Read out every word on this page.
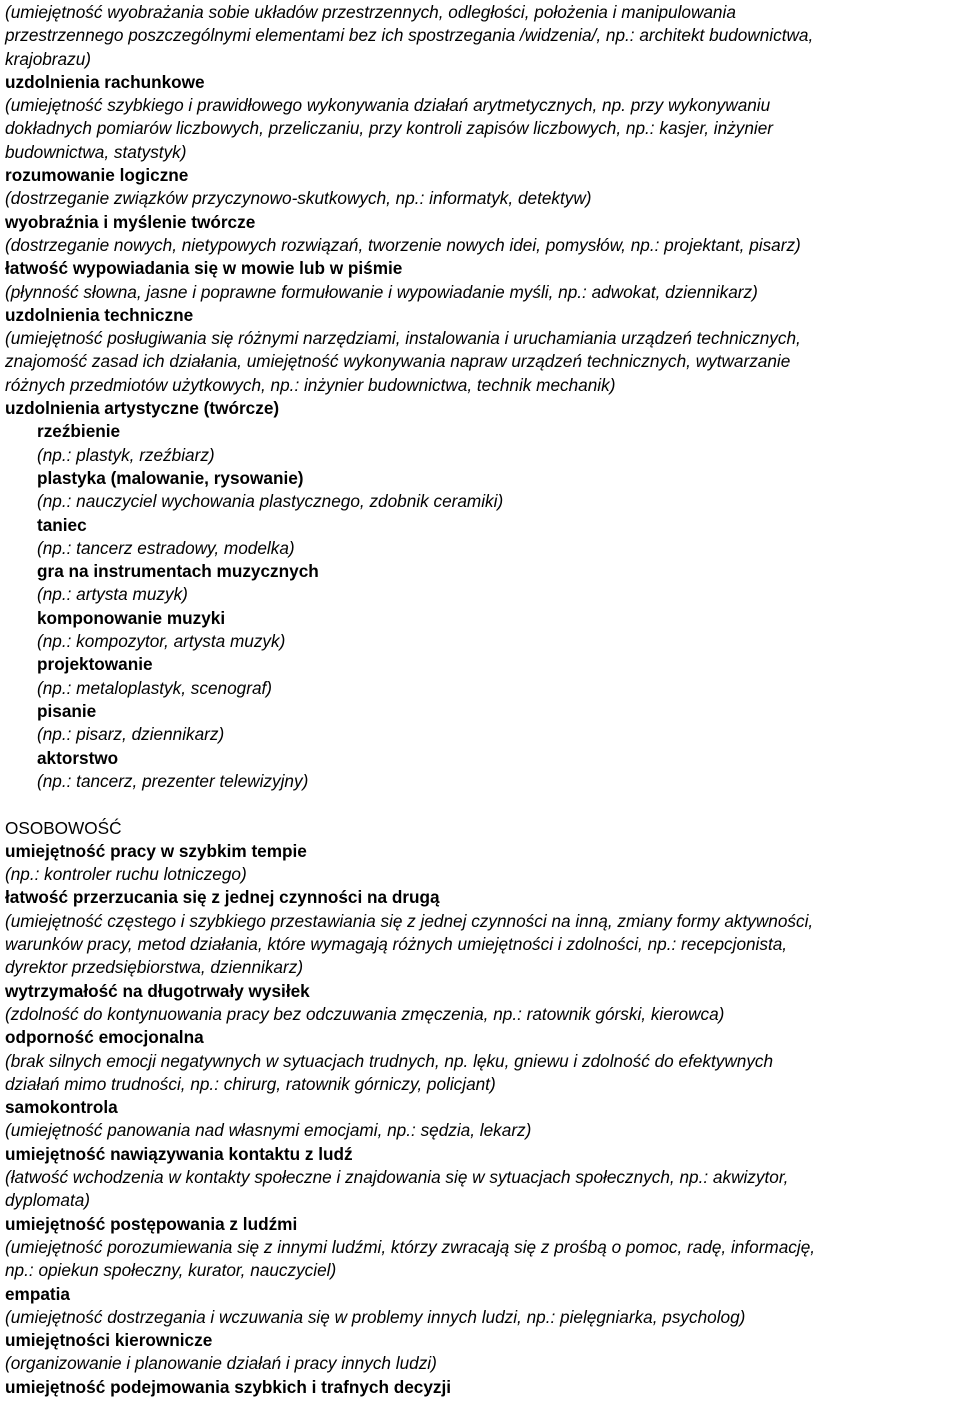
(umiejętność wyobrażania sobie układów przestrzennych, odległości, położenia i manipulowania
przestrzennego poszczególnymi elementami bez ich spostrzegania /widzenia/, np.: architekt budownictwa,
krajobrazu)
uzdolnienia rachunkowe
(umiejętność szybkiego i prawidłowego wykonywania działań arytmetycznych, np. przy wykonywaniu
dokładnych pomiarów liczbowych, przeliczaniu, przy kontroli zapisów liczbowych, np.: kasjer, inżynier
budownictwa, statystyk)
rozumowanie logiczne
(dostrzeganie związków przyczynowo-skutkowych, np.: informatyk, detektyw)
wyobraźnia i myślenie twórcze
(dostrzeganie nowych, nietypowych rozwiązań, tworzenie nowych idei, pomysłów, np.: projektant, pisarz)
łatwość wypowiadania się w mowie lub w piśmie
(płynność słowna, jasne i poprawne formułowanie i wypowiadanie myśli, np.: adwokat, dziennikarz)
uzdolnienia techniczne
(umiejętność posługiwania się różnymi narzędziami, instalowania i uruchamiania urządzeń technicznych,
znajomość zasad ich działania, umiejętność wykonywania napraw urządzeń technicznych, wytwarzanie
różnych przedmiotów użytkowych, np.: inżynier budownictwa, technik mechanik)
uzdolnienia artystyczne (twórcze)
rzeźbienie
(np.: plastyk, rzeźbiarz)
plastyka (malowanie, rysowanie)
(np.: nauczyciel wychowania plastycznego, zdobnik ceramiki)
taniec
(np.: tancerz estradowy, modelka)
gra na instrumentach muzycznych
(np.: artysta muzyk)
komponowanie muzyki
(np.: kompozytor, artysta muzyk)
projektowanie
(np.: metaloplastyk, scenograf)
pisanie
(np.: pisarz, dziennikarz)
aktorstwo
(np.: tancerz, prezenter telewizyjny)
OSOBOWOŚĆ
umiejętność pracy w szybkim tempie
(np.: kontroler ruchu lotniczego)
łatwość przerzucania się z jednej czynności na drugą
(umiejętność częstego i szybkiego przestawiania się z jednej czynności na inną, zmiany formy aktywności,
warunków pracy, metod działania, które wymagają różnych umiejętności i zdolności, np.: recepcjonista,
dyrektor przedsiębiorstwa, dziennikarz)
wytrzymałość na długotrwały wysiłek
(zdolność do kontynuowania pracy bez odczuwania zmęczenia, np.: ratownik górski, kierowca)
odporność emocjonalna
(brak silnych emocji negatywnych w sytuacjach trudnych, np. lęku, gniewu i zdolność do efektywnych
działań mimo trudności, np.: chirurg, ratownik górniczy, policjant)
samokontrola
(umiejętność panowania nad własnymi emocjami, np.: sędzia, lekarz)
umiejętność nawiązywania kontaktu z ludź
(łatwość wchodzenia w kontakty społeczne i znajdowania się w sytuacjach społecznych, np.: akwizytor,
dyplomata)
umiejętność postępowania z ludźmi
(umiejętność porozumiewania się z innymi ludźmi, którzy zwracają się z prośbą o pomoc, radę, informację,
np.: opiekun społeczny, kurator, nauczyciel)
empatia
(umiejętność dostrzegania i wczuwania się w problemy innych ludzi, np.: pielęgniarka, psycholog)
umiejętności kierownicze
(organizowanie i planowanie działań i pracy innych ludzi)
umiejętność podejmowania szybkich i trafnych decyzji
